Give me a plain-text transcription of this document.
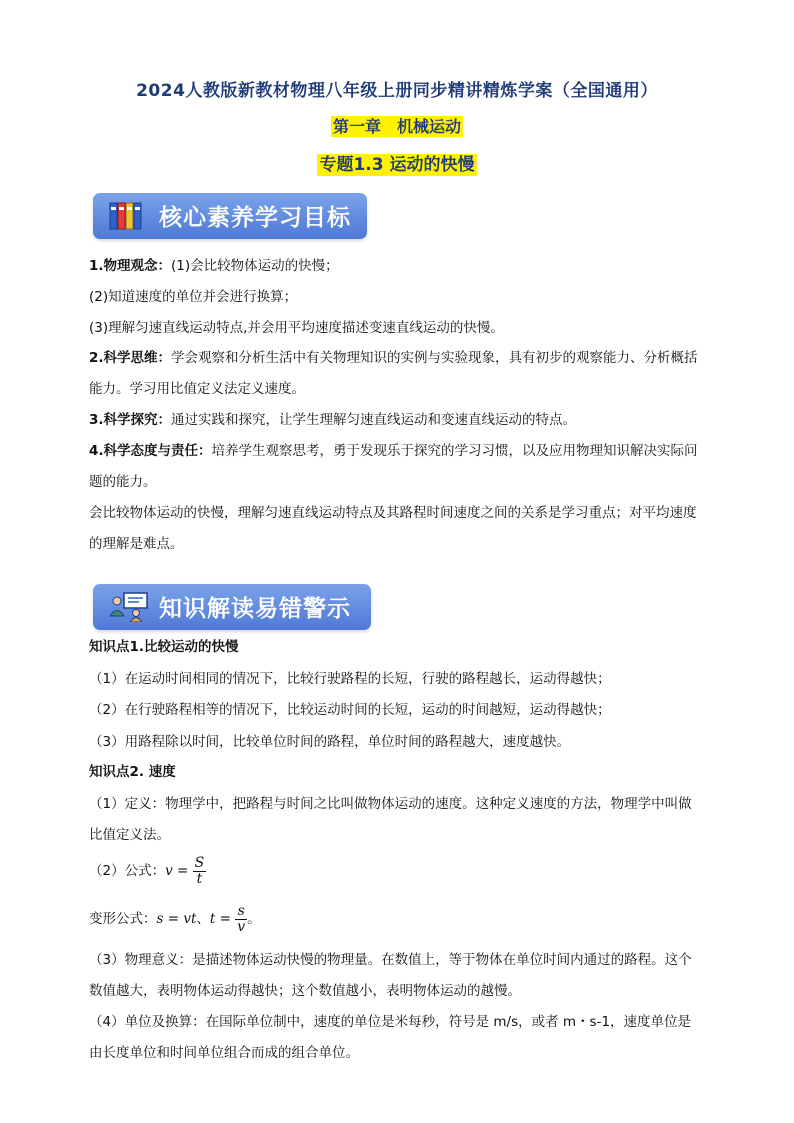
2024人教版新教材物理八年级上册同步精讲精炼学案（全国通用）
第一章　机械运动
专题1.3 运动的快慢
核心素养学习目标
1.物理观念：(1)会比较物体运动的快慢；
(2)知道速度的单位并会进行换算；
(3)理解匀速直线运动特点,并会用平均速度描述变速直线运动的快慢。
2.科学思维：学会观察和分析生活中有关物理知识的实例与实验现象，具有初步的观察能力、分析概括能力。学习用比值定义法定义速度。
3.科学探究：通过实践和探究，让学生理解匀速直线运动和变速直线运动的特点。
4.科学态度与责任：培养学生观察思考，勇于发现乐于探究的学习习惯，以及应用物理知识解决实际问题的能力。
会比较物体运动的快慢，理解匀速直线运动特点及其路程时间速度之间的关系是学习重点；对平均速度的理解是难点。
知识解读易错警示
知识点1.比较运动的快慢
（1）在运动时间相同的情况下，比较行驶路程的长短，行驶的路程越长，运动得越快；
（2）在行驶路程相等的情况下，比较运动时间的长短，运动的时间越短，运动得越快；
（3）用路程除以时间，比较单位时间的路程，单位时间的路程越大，速度越快。
知识点2. 速度
（1）定义：物理学中，把路程与时间之比叫做物体运动的速度。这种定义速度的方法，物理学中叫做比值定义法。
（2）公式：$v = \frac{S}{t}$
变形公式：s = vt、$t = \frac{s}{v}$ 。
（3）物理意义：是描述物体运动快慢的物理量。在数值上，等于物体在单位时间内通过的路程。这个数值越大，表明物体运动得越快；这个数值越小，表明物体运动的越慢。
（4）单位及换算：在国际单位制中，速度的单位是米每秒，符号是 m/s，或者 m・s-1，速度单位是由长度单位和时间单位组合而成的组合单位。
